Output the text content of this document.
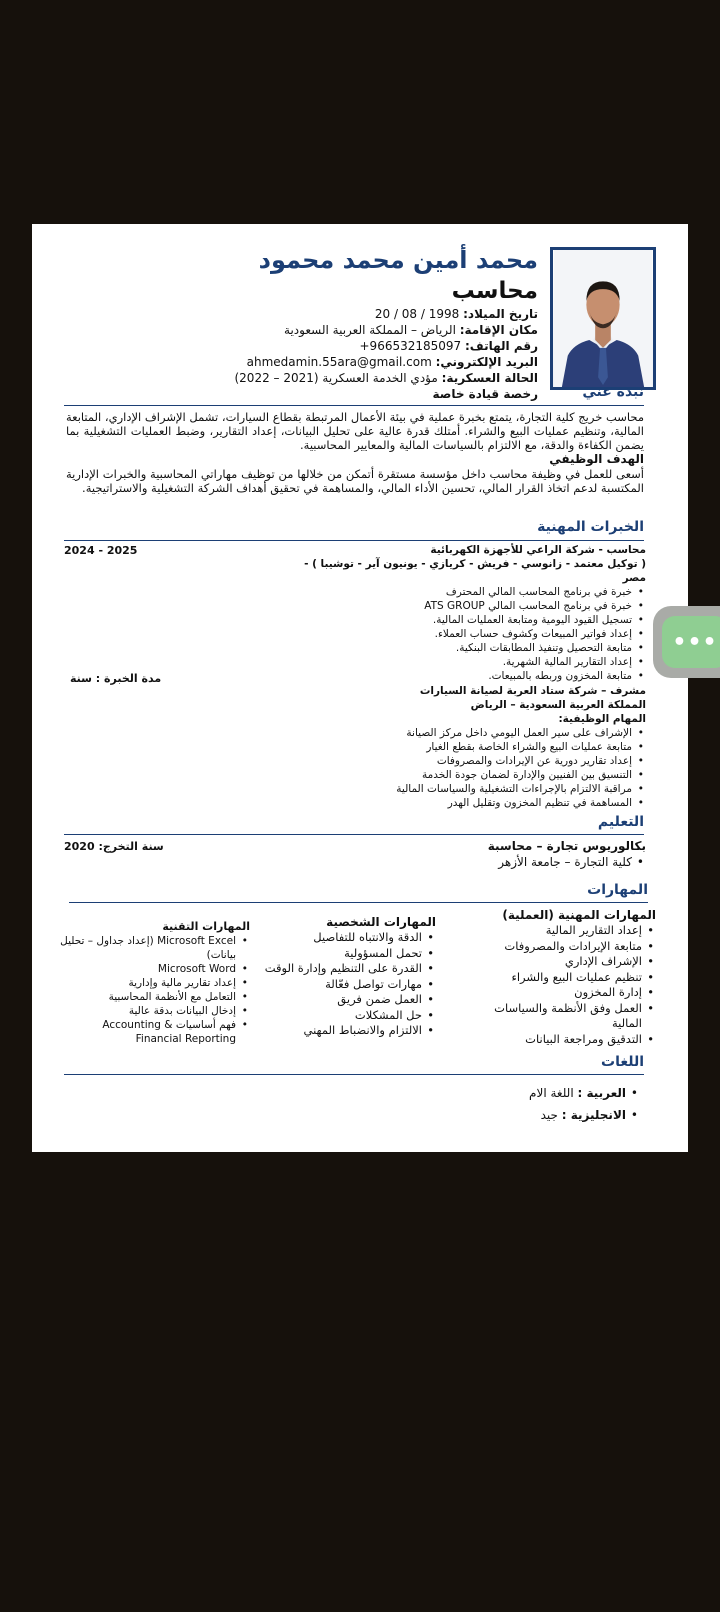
محمد أمين محمد محمود
محاسب
تاريخ الميلاد: 20 / 08 / 1998
مكان الإقامة: الرياض – المملكة العربية السعودية
رقم الهاتف: +966532185097
البريد الإلكتروني: ahmedamin.55ara@gmail.com
الحالة العسكرية: مؤدي الخدمة العسكرية (2021 – 2022)
رخصة قيادة خاصة	نبذة عني
محاسب خريج كلية التجارة، يتمتع بخبرة عملية في بيئة الأعمال المرتبطة بقطاع السيارات، تشمل الإشراف الإداري، المتابعة المالية، وتنظيم عمليات البيع والشراء. أمتلك قدرة عالية على تحليل البيانات، إعداد التقارير، وضبط العمليات التشغيلية بما يضمن الكفاءة والدقة، مع الالتزام بالسياسات المالية والمعايير المحاسبية.
الهدف الوظيفي
أسعى للعمل في وظيفة محاسب داخل مؤسسة مستقرة أتمكن من خلالها من توظيف مهاراتي المحاسبية والخبرات الإدارية المكتسبة لدعم اتخاذ القرار المالي، تحسين الأداء المالي، والمساهمة في تحقيق أهداف الشركة التشغيلية والاستراتيجية.
الخبرات المهنية
2024 - 2025	محاسب - شركة الراعي للأجهزة الكهربائية
( توكيل معتمد - زانوسي - فريش - كريازي - يونيون آير - توشيبا ) - مصر
• خبرة في برنامج المحاسب المالي المحترف
• خبرة في برنامج المحاسب المالي ATS GROUP
• تسجيل القيود اليومية ومتابعة العمليات المالية.
• إعداد فواتير المبيعات وكشوف حساب العملاء.
• متابعة التحصيل وتنفيذ المطابقات البنكية.
• إعداد التقارير المالية الشهرية.
• متابعة المخزون وربطه بالمبيعات.
مدة الخبرة : سنة
مشرف – شركة ستاد العربة لصيانة السيارات
المملكة العربية السعودية – الرياض
المهام الوظيفية:
• الإشراف على سير العمل اليومي داخل مركز الصيانة
• متابعة عمليات البيع والشراء الخاصة بقطع الغيار
• إعداد تقارير دورية عن الإيرادات والمصروفات
• التنسيق بين الفنيين والإدارة لضمان جودة الخدمة
• مراقبة الالتزام بالإجراءات التشغيلية والسياسات المالية
• المساهمة في تنظيم المخزون وتقليل الهدر
التعليم
بكالوريوس تجارة – محاسبة
• كلية التجارة – جامعة الأزهر
سنة التخرج: 2020
المهارات
المهارات المهنية (العملية)
• إعداد التقارير المالية
• متابعة الإيرادات والمصروفات
• الإشراف الإداري
• تنظيم عمليات البيع والشراء
• إدارة المخزون
• العمل وفق الأنظمة والسياسات المالية
• التدقيق ومراجعة البيانات
المهارات الشخصية
• الدقة والانتباه للتفاصيل
• تحمل المسؤولية
• القدرة على التنظيم وإدارة الوقت
• مهارات تواصل فعّالة
• العمل ضمن فريق
• حل المشكلات
• الالتزام والانضباط المهني
المهارات التقنية
• Microsoft Excel (إعداد جداول – تحليل بيانات)
• Microsoft Word
• إعداد تقارير مالية وإدارية
• التعامل مع الأنظمة المحاسبية
• إدخال البيانات بدقة عالية
• فهم أساسيات Accounting & Financial Reporting
اللغات
• العربية : اللغة الام
• الانجليزية : جيد
•••
